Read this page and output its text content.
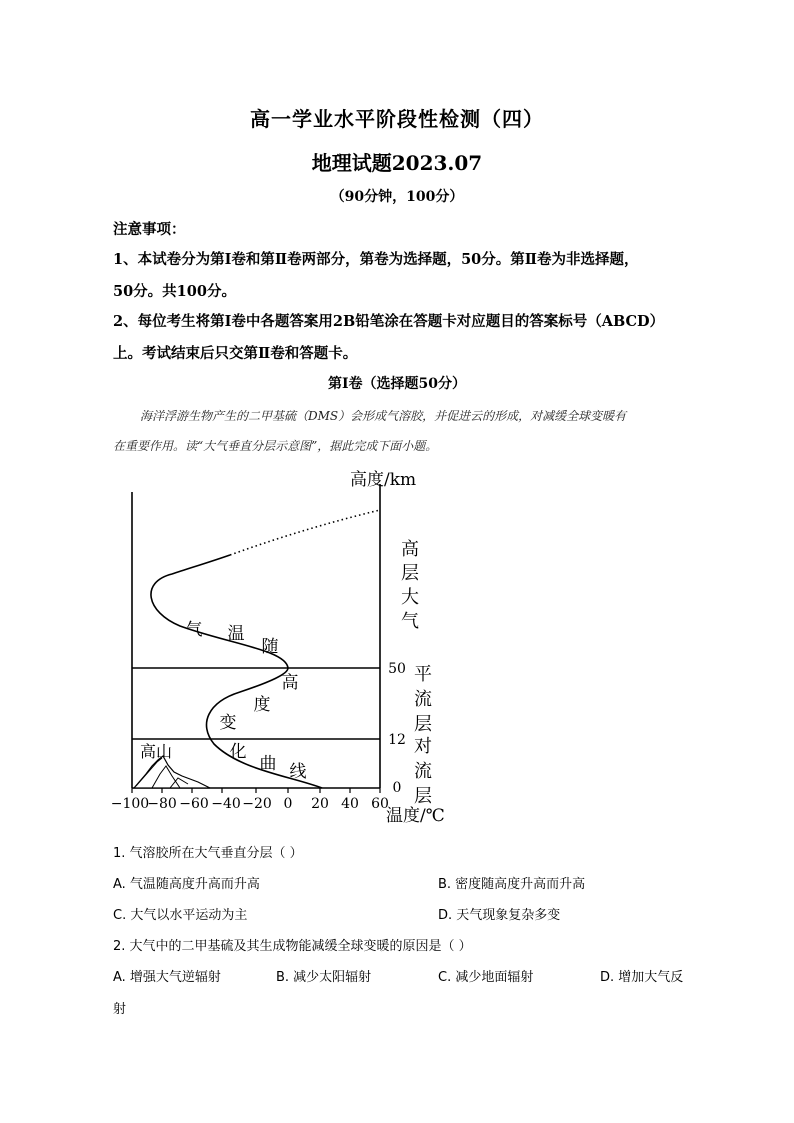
高一学业水平阶段性检测（四）
地理试题2023.07
（90分钟，100分）
注意事项：
1、本试卷分为第Ⅰ卷和第Ⅱ卷两部分，第卷为选择题，50分。第Ⅱ卷为非选择题，
50分。共100分。
2、每位考生将第Ⅰ卷中各题答案用2B铅笔涂在答题卡对应题目的答案标号（ABCD）
上。考试结束后只交第Ⅱ卷和答题卡。
第Ⅰ卷（选择题50分）
海洋浮游生物产生的二甲基硫（DMS）会形成气溶胶，并促进云的形成，对减缓全球变暖有
在重要作用。读“大气垂直分层示意图”，据此完成下面小题。
高度/km
温度/℃
−100
−80 −60 −40 −20 0 20 40 60
50
12
0
高
层
大
气
平
流
层
对
流
层
高山
气 温
随
高
度
变
化
曲 线
1. 气溶胶所在大气垂直分层（ ）
A. 气温随高度升高而升高	B. 密度随高度升高而升高
C. 大气以水平运动为主	D. 天气现象复杂多变
2. 大气中的二甲基硫及其生成物能减缓全球变暖的原因是（ ）
A. 增强大气逆辐射	B. 减少太阳辐射	C. 减少地面辐射	D. 增加大气反
射
